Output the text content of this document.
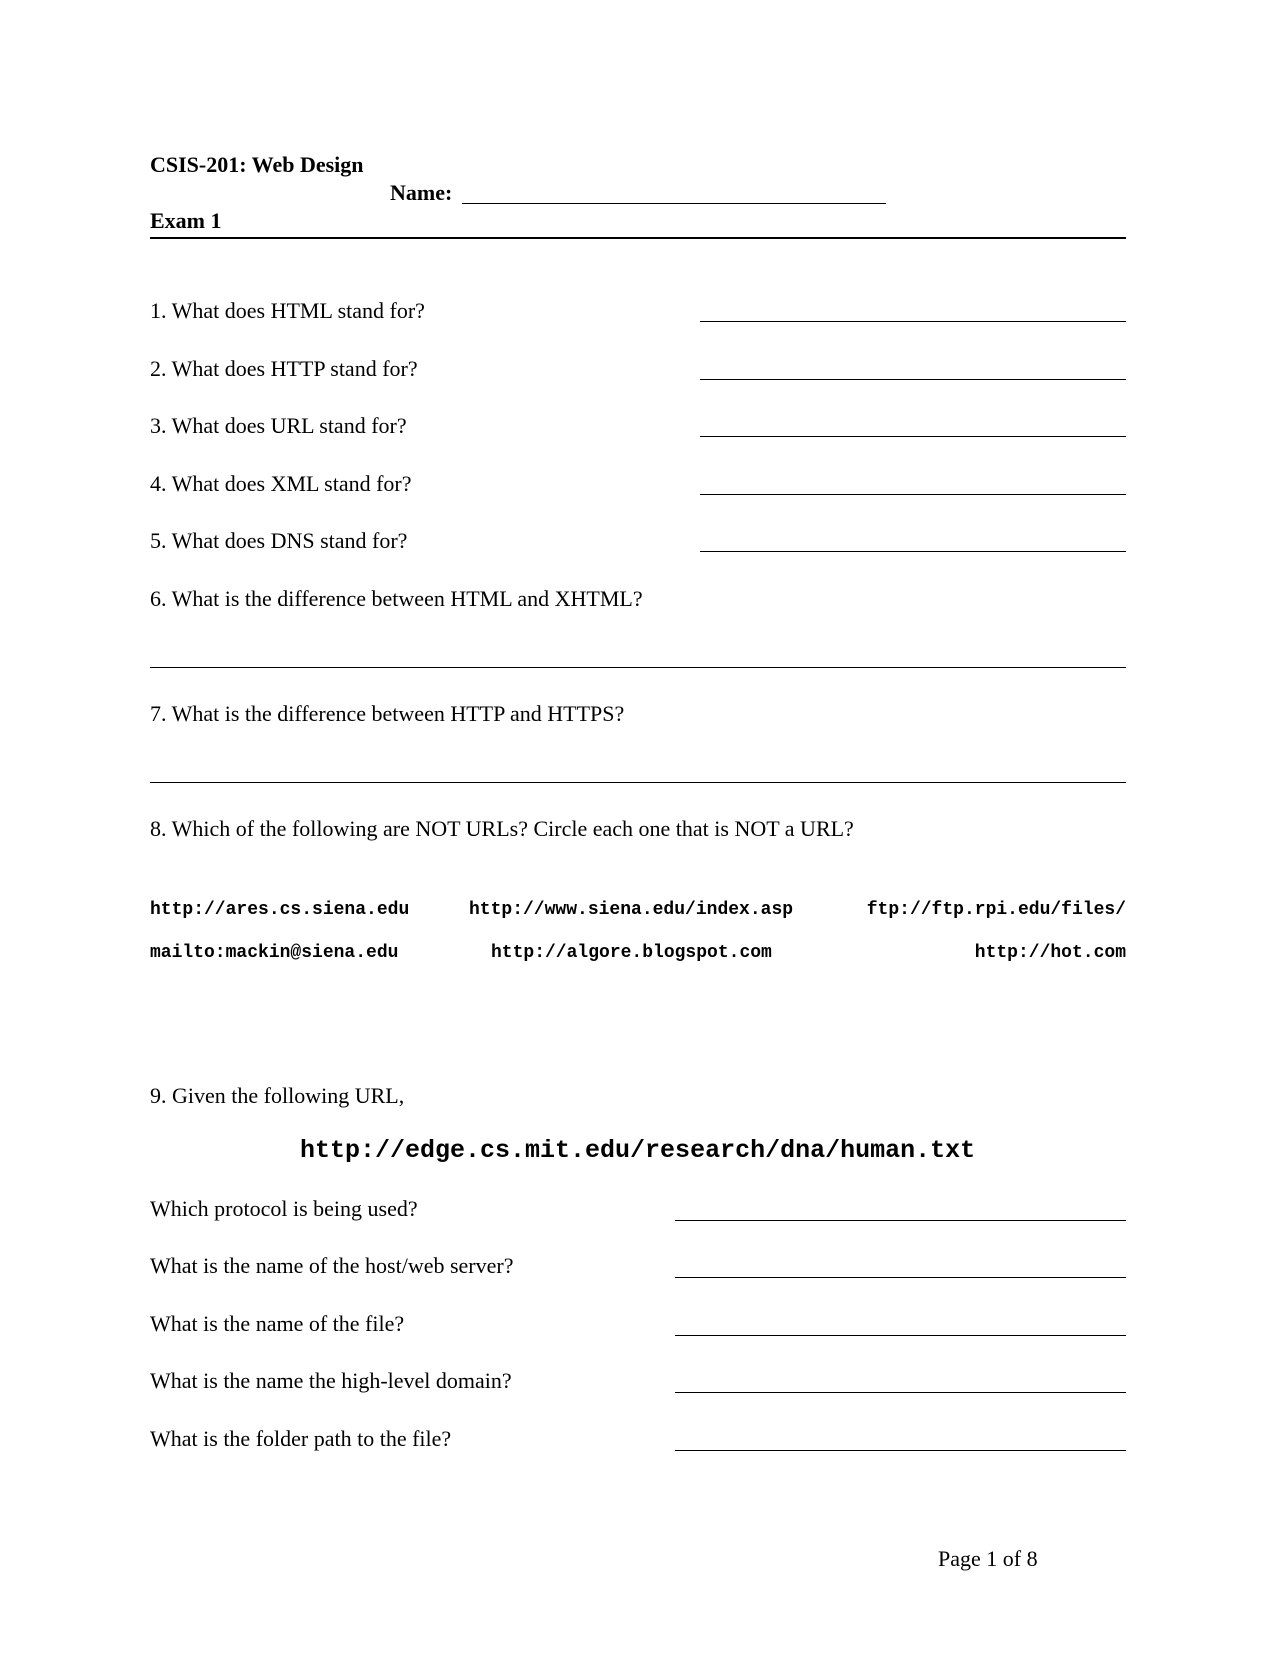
CSIS-201: Web Design
Name:
Exam 1
1. What does HTML stand for?
2. What does HTTP stand for?
3. What does URL stand for?
4. What does XML stand for?
5. What does DNS stand for?
6. What is the difference between HTML and XHTML?
7. What is the difference between HTTP and HTTPS?
8. Which of the following are NOT URLs? Circle each one that is NOT a URL?
http://ares.cs.siena.edu	http://www.siena.edu/index.asp	ftp://ftp.rpi.edu/files/
mailto:mackin@siena.edu	http://algore.blogspot.com	http://hot.com
9. Given the following URL,
http://edge.cs.mit.edu/research/dna/human.txt
Which protocol is being used?
What is the name of the host/web server?
What is the name of the file?
What is the name the high-level domain?
What is the folder path to the file?
Page 1 of 8
